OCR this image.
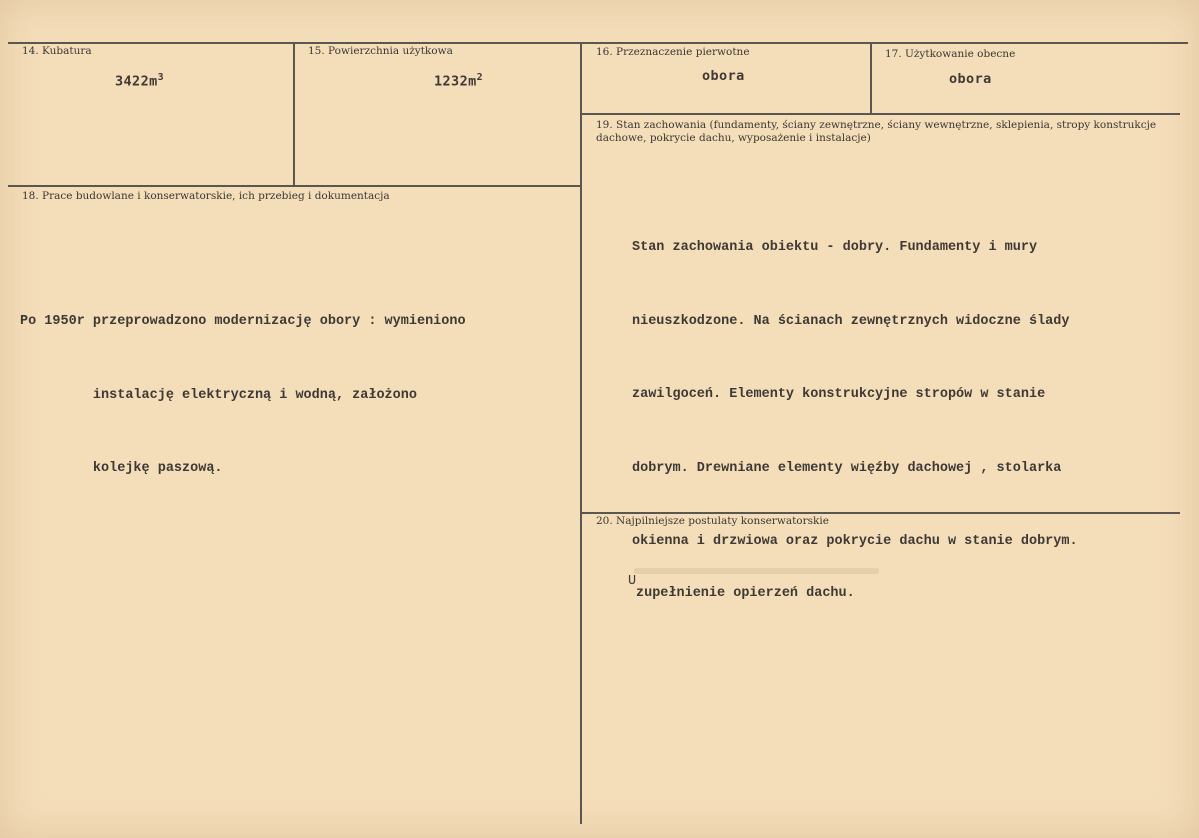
14. Kubatura
$3422m^3$
15. Powierzchnia użytkowa
$1232m^2$
16. Przeznaczenie pierwotne
obora
17. Użytkowanie obecne
obora
18. Prace budowlane i konserwatorskie, ich przebieg i dokumentacja

Po 1950r przeprowadzono modernizację obory : wymieniono

instalację elektryczną i wodną, założono

kolejkę paszową.

19. Stan zachowania (fundamenty, ściany zewnętrzne, ściany wewnętrzne, sklepienia, stropy konstrukcje dachowe, pokrycie dachu, wyposażenie i instalacje)

Stan zachowania obiektu - dobry. Fundamenty i mury

nieuszkodzone. Na ścianach zewnętrznych widoczne ślady

zawilgoceń. Elementy konstrukcyjne stropów w stanie

dobrym. Drewniane elementy więźby dachowej , stolarka

okienna i drzwiowa oraz pokrycie dachu w stanie dobrym.

20. Najpilniejsze postulaty konserwatorskie
U
zupełnienie opierzeń dachu.
